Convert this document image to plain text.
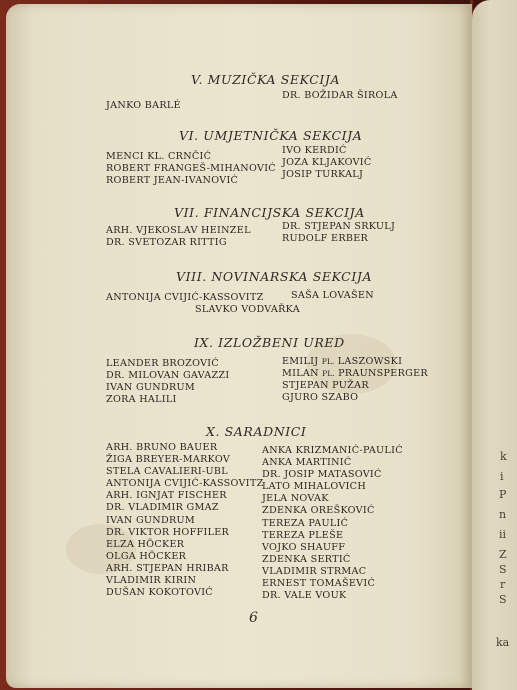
k
i
P
n
ii
Z
S
r
S
ka
V. MUZIČKA SEKCIJA
JANKO BARLÉ
DR. BOŽIDAR ŠIROLA
VI. UMJETNIČKA SEKCIJA
MENCI KL. CRNČIĆ
ROBERT FRANGEŠ-MIHANOVIĆ
ROBERT JEAN-IVANOVIĆ
IVO KERDIĆ
JOZA KLJAKOVIĆ
JOSIP TURKALJ
VII. FINANCIJSKA SEKCIJA
ARH. VJEKOSLAV HEINZEL
DR. SVETOZAR RITTIG
DR. STJEPAN SRKULJ
RUDOLF ERBER
VIII. NOVINARSKA SEKCIJA
ANTONIJA CVIJIĆ-KASSOVITZ	SAŠA LOVAŠEN
SLAVKO VODVAŘKA
IX. IZLOŽBENI URED
LEANDER BROZOVIĆ
DR. MILOVAN GAVAZZI
IVAN GUNDRUM
ZORA HALILI
EMILIJ PL. LASZOWSKI
MILAN PL. PRAUNSPERGER
STJEPAN PUŽAR
GJURO SZABO
X. SARADNICI
ARH. BRUNO BAUER
ŽIGA BREYER-MARKOV
STELA CAVALIERI-UBL
ANTONIJA CVIJIĆ-KASSOVITZ
ARH. IGNJAT FISCHER
DR. VLADIMIR GMAZ
IVAN GUNDRUM
DR. VIKTOR HOFFILER
ELZA HÖCKER
OLGA HÖCKER
ARH. STJEPAN HRIBAR
VLADIMIR KIRIN
DUŠAN KOKOTOVIĆ
ANKA KRIZMANIĆ-PAULIĆ
ANKA MARTINIĆ
DR. JOSIP MATASOVIĆ
LATO MIHALOVICH
JELA NOVAK
ZDENKA OREŠKOVIĆ
TEREZA PAULIĆ
TEREZA PLEŠE
VOJKO SHAUFF
ZDENKA SERTIĆ
VLADIMIR STRMAC
ERNEST TOMAŠEVIĆ
DR. VALE VOUK
6
